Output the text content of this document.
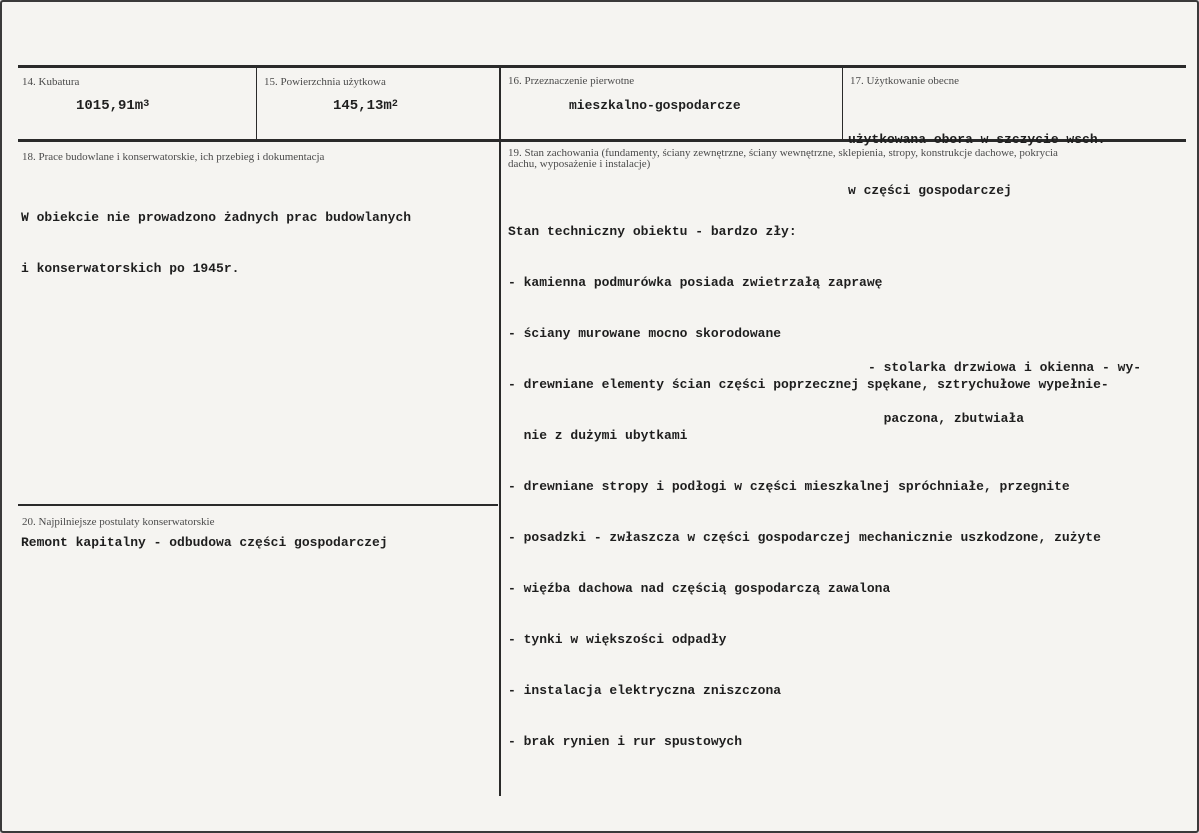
14. Kubatura
$1015,91m^3$
15. Powierzchnia użytkowa
$145,13m^2$
16. Przeznaczenie pierwotne
mieszkalno-gospodarcze
17. Użytkowanie obecne

użytkowana obora w szczycie wsch.

w części gospodarczej

18. Prace budowlane i konserwatorskie, ich przebieg i dokumentacja

W obiekcie nie prowadzono żadnych prac budowlanych

i konserwatorskich po 1945r.

19. Stan zachowania (fundamenty, ściany zewnętrzne, ściany wewnętrzne, sklepienia, stropy, konstrukcje dachowe, pokrycia dachu, wyposażenie i instalacje)

Stan techniczny obiektu - bardzo zły:

- kamienna podmurówka posiada zwietrzałą zaprawę

- ściany murowane mocno skorodowane

- drewniane elementy ścian części poprzecznej spękane, sztrychułowe wypełnie-

nie z dużymi ubytkami

- drewniane stropy i podłogi w części mieszkalnej spróchniałe, przegnite

- posadzki - zwłaszcza w części gospodarczej mechanicznie uszkodzone, zużyte

- więźba dachowa nad częścią gospodarczą zawalona

- tynki w większości odpadły

- instalacja elektryczna zniszczona

- brak rynien i rur spustowych

- stolarka drzwiowa i okienna - wy-

paczona, zbutwiała

20. Najpilniejsze postulaty konserwatorskie
Remont kapitalny - odbudowa części gospodarczej
